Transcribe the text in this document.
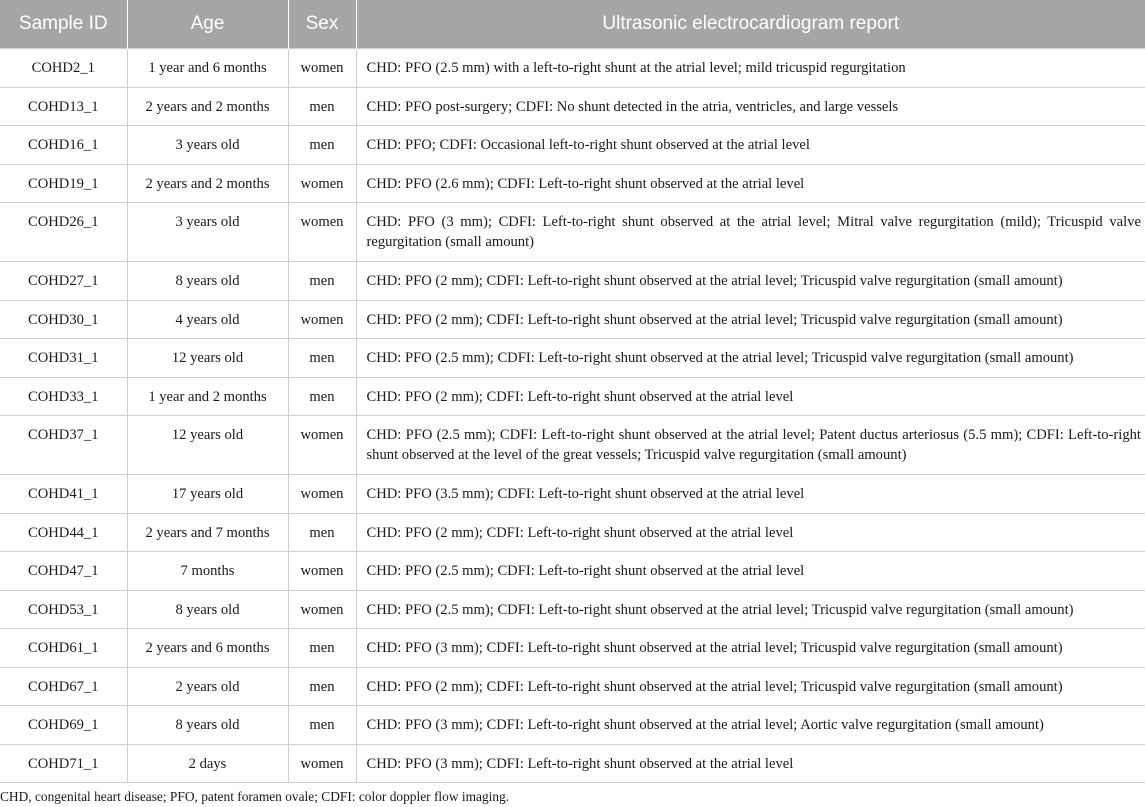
Sample ID	Age	Sex	Ultrasonic electrocardiogram report

COHD2_1	1 year and 6 months	women	CHD: PFO (2.5 mm) with a left-to-right shunt at the atrial level; mild tricuspid regurgitation

COHD13_1	2 years and 2 months	men	CHD: PFO post-surgery; CDFI: No shunt detected in the atria, ventricles, and large vessels

COHD16_1	3 years old	men	CHD: PFO; CDFI: Occasional left-to-right shunt observed at the atrial level

COHD19_1	2 years and 2 months	women	CHD: PFO (2.6 mm); CDFI: Left-to-right shunt observed at the atrial level

COHD26_1	3 years old	women	CHD: PFO (3 mm); CDFI: Left-to-right shunt observed at the atrial level; Mitral valve regurgitation (mild); Tricuspid valve regurgitation (small amount)

COHD27_1	8 years old	men	CHD: PFO (2 mm); CDFI: Left-to-right shunt observed at the atrial level; Tricuspid valve regurgitation (small amount)

COHD30_1	4 years old	women	CHD: PFO (2 mm); CDFI: Left-to-right shunt observed at the atrial level; Tricuspid valve regurgitation (small amount)

COHD31_1	12 years old	men	CHD: PFO (2.5 mm); CDFI: Left-to-right shunt observed at the atrial level; Tricuspid valve regurgitation (small amount)

COHD33_1	1 year and 2 months	men	CHD: PFO (2 mm); CDFI: Left-to-right shunt observed at the atrial level

COHD37_1	12 years old	women	CHD: PFO (2.5 mm); CDFI: Left-to-right shunt observed at the atrial level; Patent ductus arteriosus (5.5 mm); CDFI: Left-to-right shunt observed at the level of the great vessels; Tricuspid valve regurgitation (small amount)

COHD41_1	17 years old	women	CHD: PFO (3.5 mm); CDFI: Left-to-right shunt observed at the atrial level

COHD44_1	2 years and 7 months	men	CHD: PFO (2 mm); CDFI: Left-to-right shunt observed at the atrial level

COHD47_1	7 months	women	CHD: PFO (2.5 mm); CDFI: Left-to-right shunt observed at the atrial level

COHD53_1	8 years old	women	CHD: PFO (2.5 mm); CDFI: Left-to-right shunt observed at the atrial level; Tricuspid valve regurgitation (small amount)

COHD61_1	2 years and 6 months	men	CHD: PFO (3 mm); CDFI: Left-to-right shunt observed at the atrial level; Tricuspid valve regurgitation (small amount)

COHD67_1	2 years old	men	CHD: PFO (2 mm); CDFI: Left-to-right shunt observed at the atrial level; Tricuspid valve regurgitation (small amount)

COHD69_1	8 years old	men	CHD: PFO (3 mm); CDFI: Left-to-right shunt observed at the atrial level; Aortic valve regurgitation (small amount)

COHD71_1	2 days	women	CHD: PFO (3 mm); CDFI: Left-to-right shunt observed at the atrial level
CHD, congenital heart disease; PFO, patent foramen ovale; CDFI: color doppler flow imaging.
